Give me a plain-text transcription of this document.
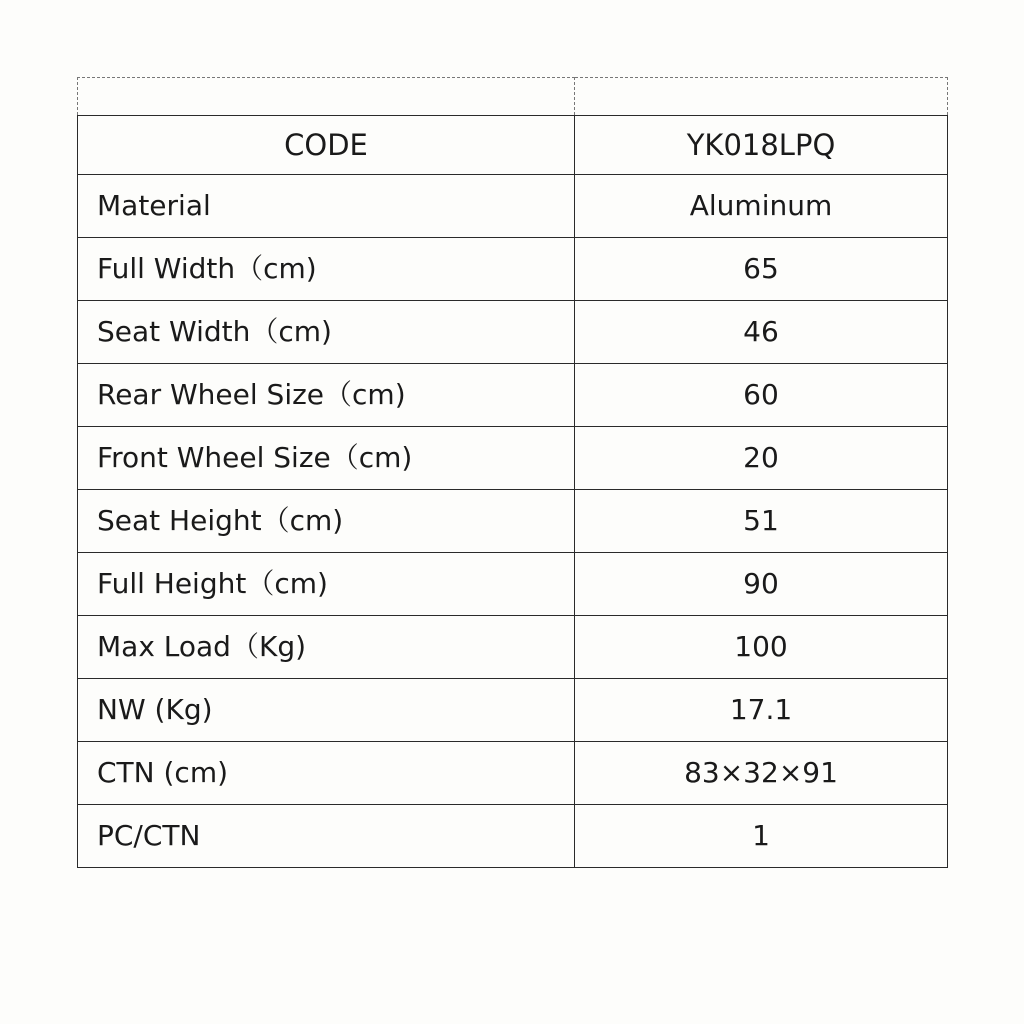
CODE	YK018LPQ
Material	Aluminum
Full Width（cm)	65
Seat Width（cm)	46
Rear Wheel Size（cm)	60
Front Wheel Size（cm)	20
Seat Height（cm)	51
Full Height（cm)	90
Max Load（Kg)	100
NW (Kg)	17.1
CTN (cm)	83×32×91
PC/CTN	1
